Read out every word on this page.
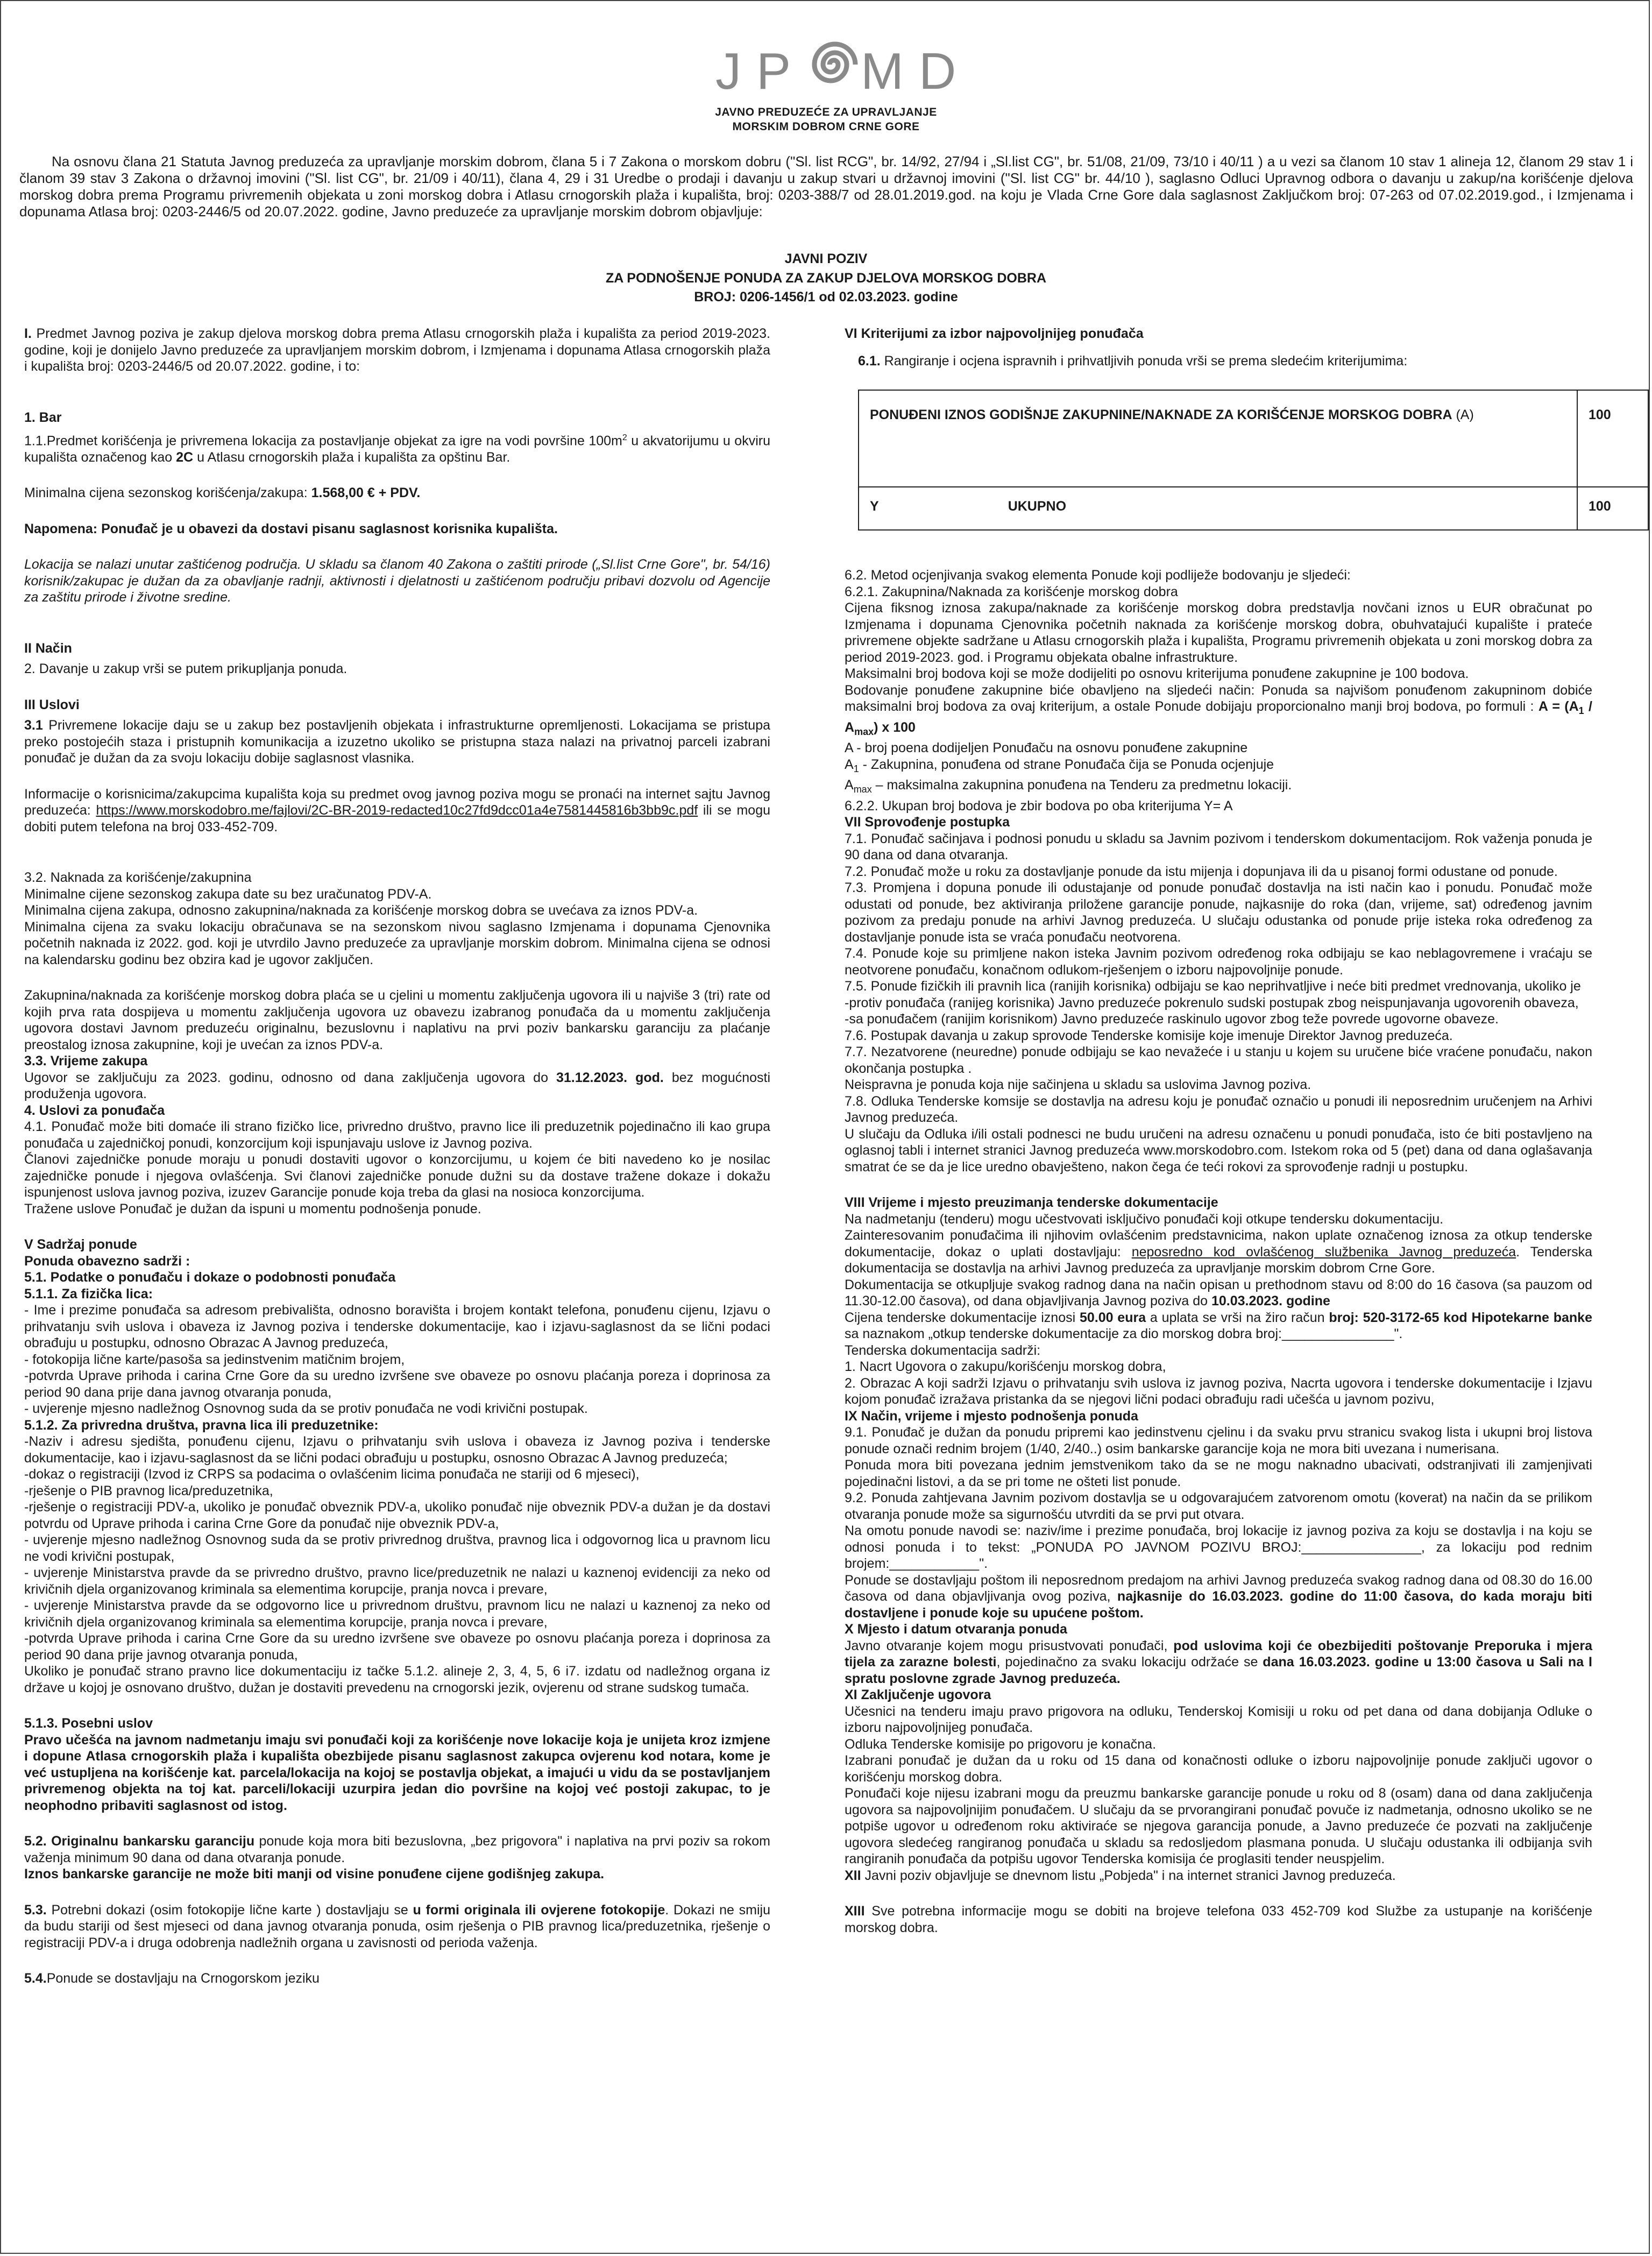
JP MD
JAVNO PREDUZEĆE ZA UPRAVLJANJE
MORSKIM DOBROM CRNE GORE
Na osnovu člana 21 Statuta Javnog preduzeća za upravljanje morskim dobrom, člana 5 i 7 Zakona o morskom dobru ("Sl. list RCG", br. 14/92, 27/94 i „Sl.list CG", br. 51/08, 21/09, 73/10 i 40/11 ) a u vezi sa članom 10 stav 1 alineja 12, članom 29 stav 1 i članom 39 stav 3 Zakona o državnoj imovini ("Sl. list CG", br. 21/09 i 40/11), člana 4, 29 i 31 Uredbe o prodaji i davanju u zakup stvari u državnoj imovini ("Sl. list CG" br. 44/10 ), saglasno Odluci Upravnog odbora o davanju u zakup/na korišćenje djelova morskog dobra prema Programu privremenih objekata u zoni morskog dobra i Atlasu crnogorskih plaža i kupališta, broj: 0203-388/7 od 28.01.2019.god. na koju je Vlada Crne Gore dala saglasnost Zaključkom broj: 07-263 od 07.02.2019.god., i Izmjenama i dopunama Atlasa broj: 0203-2446/5 od 20.07.2022. godine, Javno preduzeće za upravljanje morskim dobrom objavljuje:
JAVNI POZIV
ZA PODNOŠENJE PONUDA ZA ZAKUP DJELOVA MORSKOG DOBRA
BROJ: 0206-1456/1 od 02.03.2023. godine

I. Predmet Javnog poziva je zakup djelova morskog dobra prema Atlasu crnogorskih plaža i kupališta za period 2019-2023. godine, koji je donijelo Javno preduzeće za upravljanjem morskim dobrom, i Izmjenama i dopunama Atlasa crnogorskih plaža i kupališta broj: 0203-2446/5 od 20.07.2022. godine, i to:

1. Bar

1.1.Predmet korišćenja je privremena lokacija za postavljanje objekat za igre na vodi površine $100m^2$ u akvatorijumu u okviru kupališta označenog kao 2C u Atlasu crnogorskih plaža i kupališta za opštinu Bar.

Minimalna cijena sezonskog korišćenja/zakupa: 1.568,00 € + PDV.

Napomena: Ponuđač je u obavezi da dostavi pisanu saglasnost korisnika kupališta.

Lokacija se nalazi unutar zaštićenog područja. U skladu sa članom 40 Zakona o zaštiti prirode („Sl.list Crne Gore", br. 54/16) korisnik/zakupac je dužan da za obavljanje radnji, aktivnosti i djelatnosti u zaštićenom području pribavi dozvolu od Agencije za zaštitu prirode i životne sredine.

II Način

2. Davanje u zakup vrši se putem prikupljanja ponuda.

III Uslovi

3.1 Privremene lokacije daju se u zakup bez postavljenih objekata i infrastrukturne opremljenosti. Lokacijama se pristupa preko postojećih staza i pristupnih komunikacija a izuzetno ukoliko se pristupna staza nalazi na privatnoj parceli izabrani ponuđač je dužan da za svoju lokaciju dobije saglasnost vlasnika.

Informacije o korisnicima/zakupcima kupališta koja su predmet ovog javnog poziva mogu se pronaći na internet sajtu Javnog preduzeća: https://www.morskodobro.me/fajlovi/2C-BR-2019-redacted10c27fd9dcc01a4e7581445816b3bb9c.pdf ili se mogu dobiti putem telefona na broj 033-452-709.

3.2. Naknada za korišćenje/zakupnina

Minimalne cijene sezonskog zakupa date su bez uračunatog PDV-A.

Minimalna cijena zakupa, odnosno zakupnina/naknada za korišćenje morskog dobra se uvećava za iznos PDV-a.

Minimalna cijena za svaku lokaciju obračunava se na sezonskom nivou saglasno Izmjenama i dopunama Cjenovnika početnih naknada iz 2022. god. koji je utvrdilo Javno preduzeće za upravljanje morskim dobrom. Minimalna cijena se odnosi na kalendarsku godinu bez obzira kad je ugovor zaključen.

Zakupnina/naknada za korišćenje morskog dobra plaća se u cjelini u momentu zaključenja ugovora ili u najviše 3 (tri) rate od kojih prva rata dospijeva u momentu zaključenja ugovora uz obavezu izabranog ponuđača da u momentu zaključenja ugovora dostavi Javnom preduzeću originalnu, bezuslovnu i naplativu na prvi poziv bankarsku garanciju za plaćanje preostalog iznosa zakupnine, koji je uvećan za iznos PDV-a.

3.3. Vrijeme zakupa

Ugovor se zaključuju za 2023. godinu, odnosno od dana zaključenja ugovora do 31.12.2023. god. bez mogućnosti produženja ugovora.

4. Uslovi za ponuđača

4.1. Ponuđač može biti domaće ili strano fizičko lice, privredno društvo, pravno lice ili preduzetnik pojedinačno ili kao grupa ponuđača u zajedničkoj ponudi, konzorcijum koji ispunjavaju uslove iz Javnog poziva.

Članovi zajedničke ponude moraju u ponudi dostaviti ugovor o konzorcijumu, u kojem će biti navedeno ko je nosilac zajedničke ponude i njegova ovlašćenja. Svi članovi zajedničke ponude dužni su da dostave tražene dokaze i dokažu ispunjenost uslova javnog poziva, izuzev Garancije ponude koja treba da glasi na nosioca konzorcijuma.

Tražene uslove Ponuđač je dužan da ispuni u momentu podnošenja ponude.

V Sadržaj ponude

Ponuda obavezno sadrži :

5.1. Podatke o ponuđaču i dokaze o podobnosti ponuđača

5.1.1. Za fizička lica:

- Ime i prezime ponuđača sa adresom prebivališta, odnosno boravišta i brojem kontakt telefona, ponuđenu cijenu, Izjavu o prihvatanju svih uslova i obaveza iz Javnog poziva i tenderske dokumentacije, kao i izjavu-saglasnost da se lični podaci obrađuju u postupku, odnosno Obrazac A Javnog preduzeća,

- fotokopija lične karte/pasoša sa jedinstvenim matičnim brojem,

-potvrda Uprave prihoda i carina Crne Gore da su uredno izvršene sve obaveze po osnovu plaćanja poreza i doprinosa za period 90 dana prije dana javnog otvaranja ponuda,

- uvjerenje mjesno nadležnog Osnovnog suda da se protiv ponuđača ne vodi krivični postupak.

5.1.2. Za privredna društva, pravna lica ili preduzetnike:

-Naziv i adresu sjedišta, ponuđenu cijenu, Izjavu o prihvatanju svih uslova i obaveza iz Javnog poziva i tenderske dokumentacije, kao i izjavu-saglasnost da se lični podaci obrađuju u postupku, osnosno Obrazac A Javnog preduzeća;

-dokaz o registraciji (Izvod iz CRPS sa podacima o ovlašćenim licima ponuđača ne stariji od 6 mjeseci),

-rješenje o PIB pravnog lica/preduzetnika,

-rješenje o registraciji PDV-a, ukoliko je ponuđač obveznik PDV-a, ukoliko ponuđač nije obveznik PDV-a dužan je da dostavi potvrdu od Uprave prihoda i carina Crne Gore da ponuđač nije obveznik PDV-a,

- uvjerenje mjesno nadležnog Osnovnog suda da se protiv privrednog društva, pravnog lica i odgovornog lica u pravnom licu ne vodi krivični postupak,

- uvjerenje Ministarstva pravde da se privredno društvo, pravno lice/preduzetnik ne nalazi u kaznenoj evidenciji za neko od krivičnih djela organizovanog kriminala sa elementima korupcije, pranja novca i prevare,

- uvjerenje Ministarstva pravde da se odgovorno lice u privrednom društvu, pravnom licu ne nalazi u kaznenoj za neko od krivičnih djela organizovanog kriminala sa elementima korupcije, pranja novca i prevare,

-potvrda Uprave prihoda i carina Crne Gore da su uredno izvršene sve obaveze po osnovu plaćanja poreza i doprinosa za period 90 dana prije javnog otvaranja ponuda,

Ukoliko je ponuđač strano pravno lice dokumentaciju iz tačke 5.1.2. alineje 2, 3, 4, 5, 6 i7. izdatu od nadležnog organa iz države u kojoj je osnovano društvo, dužan je dostaviti prevedenu na crnogorski jezik, ovjerenu od strane sudskog tumača.

5.1.3. Posebni uslov

Pravo učešća na javnom nadmetanju imaju svi ponuđači koji za korišćenje nove lokacije koja je unijeta kroz izmjene i dopune Atlasa crnogorskih plaža i kupališta obezbijede pisanu saglasnost zakupca ovjerenu kod notara, kome je već ustupljena na korišćenje kat. parcela/lokacija na kojoj se postavlja objekat, a imajući u vidu da se postavljanjem privremenog objekta na toj kat. parceli/lokaciji uzurpira jedan dio površine na kojoj već postoji zakupac, to je neophodno pribaviti saglasnost od istog.

5.2. Originalnu bankarsku garanciju ponude koja mora biti bezuslovna, „bez prigovora" i naplativa na prvi poziv sa rokom važenja minimum 90 dana od dana otvaranja ponude.

Iznos bankarske garancije ne može biti manji od visine ponuđene cijene godišnjeg zakupa.

5.3. Potrebni dokazi (osim fotokopije lične karte ) dostavljaju se u formi originala ili ovjerene fotokopije. Dokazi ne smiju da budu stariji od šest mjeseci od dana javnog otvaranja ponuda, osim rješenja o PIB pravnog lica/preduzetnika, rješenje o registraciji PDV-a i druga odobrenja nadležnih organa u zavisnosti od perioda važenja.

5.4.Ponude se dostavljaju na Crnogorskom jeziku

VI Kriterijumi za izbor najpovoljnijeg ponuđača

6.1. Rangiranje i ocjena ispravnih i prihvatljivih ponuda vrši se prema sledećim kriterijumima:

PONUĐENI IZNOS GODIŠNJE ZAKUPNINE/NAKNADE ZA KORIŠĆENJE MORSKOG DOBRA (A)	100
Y UKUPNO	100

6.2. Metod ocjenjivanja svakog elementa Ponude koji podliježe bodovanju je sljedeći:

6.2.1. Zakupnina/Naknada za korišćenje morskog dobra

Cijena fiksnog iznosa zakupa/naknade za korišćenje morskog dobra predstavlja novčani iznos u EUR obračunat po Izmjenama i dopunama Cjenovnika početnih naknada za korišćenje morskog dobra, obuhvatajući kupalište i prateće privremene objekte sadržane u Atlasu crnogorskih plaža i kupališta, Programu privremenih objekata u zoni morskog dobra za period 2019-2023. god. i Programu objekata obalne infrastrukture.

Maksimalni broj bodova koji se može dodijeliti po osnovu kriterijuma ponuđene zakupnine je 100 bodova.

Bodovanje ponuđene zakupnine biće obavljeno na sljedeći način: Ponuda sa najvišom ponuđenom zakupninom dobiće maksimalni broj bodova za ovaj kriterijum, a ostale Ponude dobijaju proporcionalno manji broj bodova, po formuli : $A = (A_1 / A_{max})$ x 100

A - broj poena dodijeljen Ponuđaču na osnovu ponuđene zakupnine

$A_1$ - Zakupnina, ponuđena od strane Ponuđača čija se Ponuda ocjenjuje

$A_{max}$ – maksimalna zakupnina ponuđena na Tenderu za predmetnu lokaciji.

6.2.2. Ukupan broj bodova je zbir bodova po oba kriterijuma Y= A

VII Sprovođenje postupka

7.1. Ponuđač sačinjava i podnosi ponudu u skladu sa Javnim pozivom i tenderskom dokumentacijom. Rok važenja ponuda je 90 dana od dana otvaranja.

7.2. Ponuđač može u roku za dostavljanje ponude da istu mijenja i dopunjava ili da u pisanoj formi odustane od ponude.

7.3. Promjena i dopuna ponude ili odustajanje od ponude ponuđač dostavlja na isti način kao i ponudu. Ponuđač može odustati od ponude, bez aktiviranja priložene garancije ponude, najkasnije do roka (dan, vrijeme, sat) određenog javnim pozivom za predaju ponude na arhivi Javnog preduzeća. U slučaju odustanka od ponude prije isteka roka određenog za dostavljanje ponude ista se vraća ponuđaču neotvorena.

7.4. Ponude koje su primljene nakon isteka Javnim pozivom određenog roka odbijaju se kao neblagovremene i vraćaju se neotvorene ponuđaču, konačnom odlukom-rješenjem o izboru najpovoljnije ponude.

7.5. Ponude fizičkih ili pravnih lica (ranijih korisnika) odbijaju se kao neprihvatljive i neće biti predmet vrednovanja, ukoliko je

-protiv ponuđača (ranijeg korisnika) Javno preduzeće pokrenulo sudski postupak zbog neispunjavanja ugovorenih obaveza,

-sa ponuđačem (ranijim korisnikom) Javno preduzeće raskinulo ugovor zbog teže povrede ugovorne obaveze.

7.6. Postupak davanja u zakup sprovode Tenderske komisije koje imenuje Direktor Javnog preduzeća.

7.7. Nezatvorene (neuredne) ponude odbijaju se kao nevažeće i u stanju u kojem su uručene biće vraćene ponuđaču, nakon okončanja postupka .

Neispravna je ponuda koja nije sačinjena u skladu sa uslovima Javnog poziva.

7.8. Odluka Tenderske komsije se dostavlja na adresu koju je ponuđač označio u ponudi ili neposrednim uručenjem na Arhivi Javnog preduzeća.

U slučaju da Odluka i/ili ostali podnesci ne budu uručeni na adresu označenu u ponudi ponuđača, isto će biti postavljeno na oglasnoj tabli i internet stranici Javnog preduzeća www.morskodobro.com. Istekom roka od 5 (pet) dana od dana oglašavanja smatrat će se da je lice uredno obavješteno, nakon čega će teći rokovi za sprovođenje radnji u postupku.

VIII Vrijeme i mjesto preuzimanja tenderske dokumentacije

Na nadmetanju (tenderu) mogu učestvovati isključivo ponuđači koji otkupe tendersku dokumentaciju.

Zainteresovanim ponuđačima ili njihovim ovlašćenim predstavnicima, nakon uplate označenog iznosa za otkup tenderske dokumentacije, dokaz o uplati dostavljaju: neposredno kod ovlašćenog službenika Javnog preduzeća. Tenderska dokumentacija se dostavlja na arhivi Javnog preduzeća za upravljanje morskim dobrom Crne Gore.

Dokumentacija se otkupljuje svakog radnog dana na način opisan u prethodnom stavu od 8:00 do 16 časova (sa pauzom od 11.30-12.00 časova), od dana objavljivanja Javnog poziva do 10.03.2023. godine

Cijena tenderske dokumentacije iznosi 50.00 eura a uplata se vrši na žiro račun broj: 520-3172-65 kod Hipotekarne banke sa naznakom „otkup tenderske dokumentacije za dio morskog dobra broj:_______________".

Tenderska dokumentacija sadrži:

1. Nacrt Ugovora o zakupu/korišćenju morskog dobra,

2. Obrazac A koji sadrži Izjavu o prihvatanju svih uslova iz javnog poziva, Nacrta ugovora i tenderske dokumentacije i Izjavu kojom ponuđač izražava pristanka da se njegovi lični podaci obrađuju radi učešća u javnom pozivu,

IX Način, vrijeme i mjesto podnošenja ponuda

9.1. Ponuđač je dužan da ponudu pripremi kao jedinstvenu cjelinu i da svaku prvu stranicu svakog lista i ukupni broj listova ponude označi rednim brojem (1/40, 2/40..) osim bankarske garancije koja ne mora biti uvezana i numerisana.

Ponuda mora biti povezana jednim jemstvenikom tako da se ne mogu naknadno ubacivati, odstranjivati ili zamjenjivati pojedinačni listovi, a da se pri tome ne ošteti list ponude.

9.2. Ponuda zahtjevana Javnim pozivom dostavlja se u odgovarajućem zatvorenom omotu (koverat) na način da se prilikom otvaranja ponude može sa sigurnošću utvrditi da se prvi put otvara.

Na omotu ponude navodi se: naziv/ime i prezime ponuđača, broj lokacije iz javnog poziva za koju se dostavlja i na koju se odnosi ponuda i to tekst: „PONUDA PO JAVNOM POZIVU BROJ:________________, za lokaciju pod rednim brojem:____________".

Ponude se dostavljaju poštom ili neposrednom predajom na arhivi Javnog preduzeća svakog radnog dana od 08.30 do 16.00 časova od dana objavljivanja ovog poziva, najkasnije do 16.03.2023. godine do 11:00 časova, do kada moraju biti dostavljene i ponude koje su upućene poštom.

X Mjesto i datum otvaranja ponuda

Javno otvaranje kojem mogu prisustvovati ponuđači, pod uslovima koji će obezbijediti poštovanje Preporuka i mjera tijela za zarazne bolesti, pojedinačno za svaku lokaciju održaće se dana 16.03.2023. godine u 13:00 časova u Sali na I spratu poslovne zgrade Javnog preduzeća.

XI Zaključenje ugovora

Učesnici na tenderu imaju pravo prigovora na odluku, Tenderskoj Komisiji u roku od pet dana od dana dobijanja Odluke o izboru najpovoljnijeg ponuđača.

Odluka Tenderske komisije po prigovoru je konačna.

Izabrani ponuđač je dužan da u roku od 15 dana od konačnosti odluke o izboru najpovoljnije ponude zaključi ugovor o korišćenju morskog dobra.

Ponuđači koje nijesu izabrani mogu da preuzmu bankarske garancije ponude u roku od 8 (osam) dana od dana zaključenja ugovora sa najpovoljnijim ponuđačem. U slučaju da se prvorangirani ponuđač povuče iz nadmetanja, odnosno ukoliko se ne potpiše ugovor u određenom roku aktiviraće se njegova garancija ponude, a Javno preduzeće će pozvati na zaključenje ugovora sledećeg rangiranog ponuđača u skladu sa redosljedom plasmana ponuda. U slučaju odustanka ili odbijanja svih rangiranih ponuđača da potpišu ugovor Tenderska komisija će proglasiti tender neuspjelim.

XII Javni poziv objavljuje se dnevnom listu „Pobjeda" i na internet stranici Javnog preduzeća.

XIII Sve potrebna informacije mogu se dobiti na brojeve telefona 033 452-709 kod Službe za ustupanje na korišćenje morskog dobra.
